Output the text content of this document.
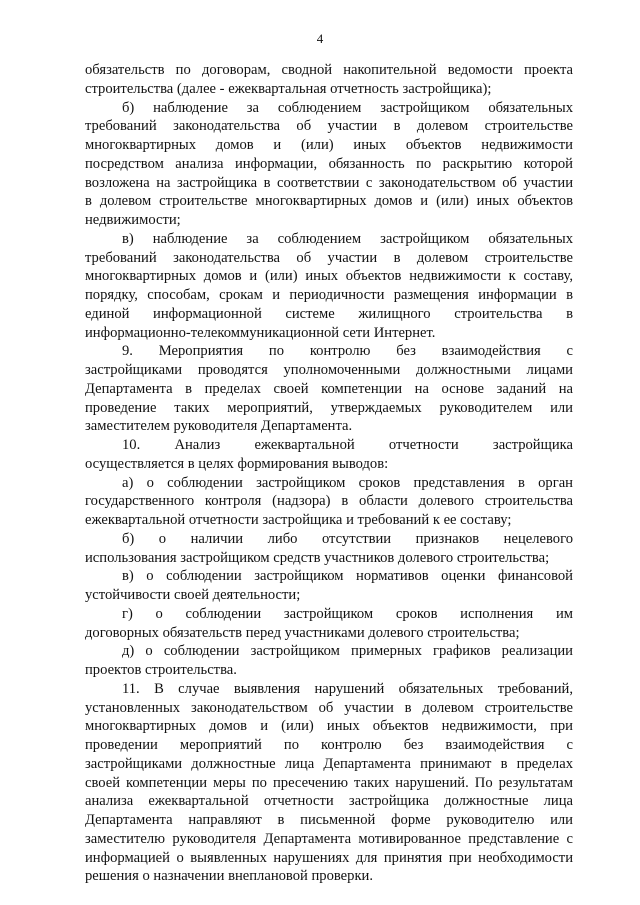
4
обязательств по договорам, сводной накопительной ведомости проекта
строительства (далее - ежеквартальная отчетность застройщика);
б) наблюдение за соблюдением застройщиком обязательных
требований законодательства об участии в долевом строительстве
многоквартирных домов и (или) иных объектов недвижимости
посредством анализа информации, обязанность по раскрытию которой
возложена на застройщика в соответствии с законодательством об участии
в долевом строительстве многоквартирных домов и (или) иных объектов
недвижимости;
в) наблюдение за соблюдением застройщиком обязательных
требований законодательства об участии в долевом строительстве
многоквартирных домов и (или) иных объектов недвижимости к составу,
порядку, способам, срокам и периодичности размещения информации в
единой информационной системе жилищного строительства в
информационно-телекоммуникационной сети Интернет.
9. Мероприятия по контролю без взаимодействия с
застройщиками проводятся уполномоченными должностными лицами
Департамента в пределах своей компетенции на основе заданий на
проведение таких мероприятий, утверждаемых руководителем или
заместителем руководителя Департамента.
10. Анализ ежеквартальной отчетности застройщика
осуществляется в целях формирования выводов:
а) о соблюдении застройщиком сроков представления в орган
государственного контроля (надзора) в области долевого строительства
ежеквартальной отчетности застройщика и требований к ее составу;
б) о наличии либо отсутствии признаков нецелевого
использования застройщиком средств участников долевого строительства;
в) о соблюдении застройщиком нормативов оценки финансовой
устойчивости своей деятельности;
г) о соблюдении застройщиком сроков исполнения им
договорных обязательств перед участниками долевого строительства;
д) о соблюдении застройщиком примерных графиков реализации
проектов строительства.
11. В случае выявления нарушений обязательных требований,
установленных законодательством об участии в долевом строительстве
многоквартирных домов и (или) иных объектов недвижимости, при
проведении мероприятий по контролю без взаимодействия с
застройщиками должностные лица Департамента принимают в пределах
своей компетенции меры по пресечению таких нарушений. По результатам
анализа ежеквартальной отчетности застройщика должностные лица
Департамента направляют в письменной форме руководителю или
заместителю руководителя Департамента мотивированное представление с
информацией о выявленных нарушениях для принятия при необходимости
решения о назначении внеплановой проверки.
